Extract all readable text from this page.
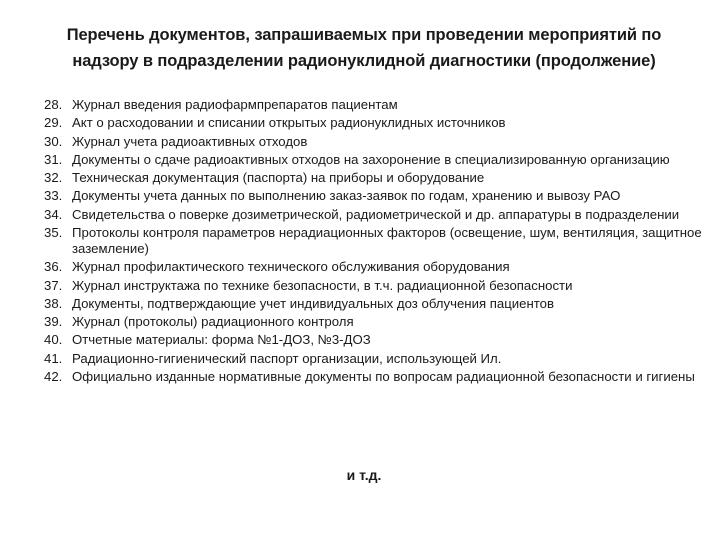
Перечень документов, запрашиваемых при проведении мероприятий по
надзору в подразделении радионуклидной диагностики (продолжение)
28. Журнал введения радиофармпрепаратов пациентам
29. Акт о расходовании и списании открытых радионуклидных источников
30. Журнал учета радиоактивных отходов
31. Документы о сдаче радиоактивных отходов на захоронение в специализированную организацию
32. Техническая документация (паспорта) на приборы и оборудование
33. Документы учета данных по выполнению заказ-заявок по годам, хранению и вывозу РАО
34. Свидетельства о поверке дозиметрической, радиометрической и др. аппаратуры в подразделении
35. Протоколы контроля параметров нерадиационных факторов (освещение, шум, вентиляция, защитное заземление)
36. Журнал профилактического технического обслуживания оборудования
37. Журнал инструктажа по технике безопасности, в т.ч. радиационной безопасности
38. Документы, подтверждающие учет индивидуальных доз облучения пациентов
39. Журнал (протоколы) радиационного контроля
40. Отчетные материалы: форма №1-ДОЗ, №3-ДОЗ
41. Радиационно-гигиенический паспорт организации, использующей Ил.
42. Официально изданные нормативные документы по вопросам радиационной безопасности и гигиены
и т.д.
